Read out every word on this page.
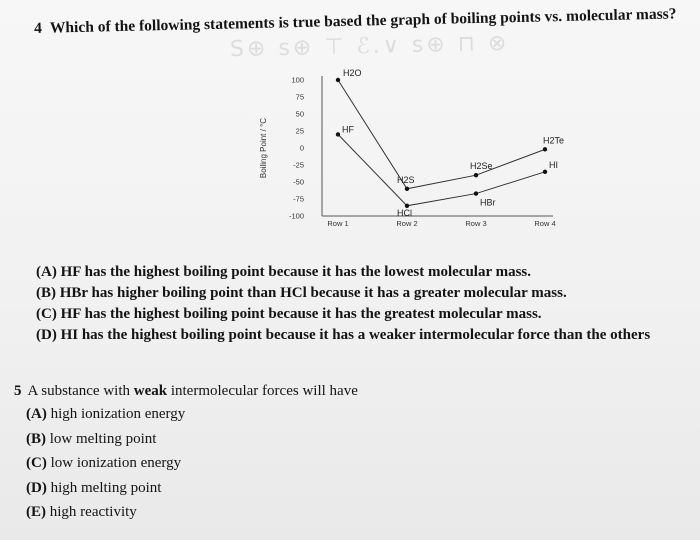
S⊕ ꜱ⊕ ⊤ ℰ.∨ ꜱ⊕ ⊓ ⊗
4 Which of the following statements is true based the graph of boiling points vs. molecular mass?
Boiling Point / °C
100
75
50
25
0
-25
-50
-75
-100
Row 1	Row 2	Row 3	Row 4
H2O
H2S
H2Se
H2Te
HF
HCl
HBr
HI
(A) HF has the highest boiling point because it has the lowest molecular mass.
(B) HBr has higher boiling point than HCl because it has a greater molecular mass.
(C) HF has the highest boiling point because it has the greatest molecular mass.
(D) HI has the highest boiling point because it has a weaker intermolecular force than the others
5 A substance with weak intermolecular forces will have
(A) high ionization energy
(B) low melting point
(C) low ionization energy
(D) high melting point
(E) high reactivity
